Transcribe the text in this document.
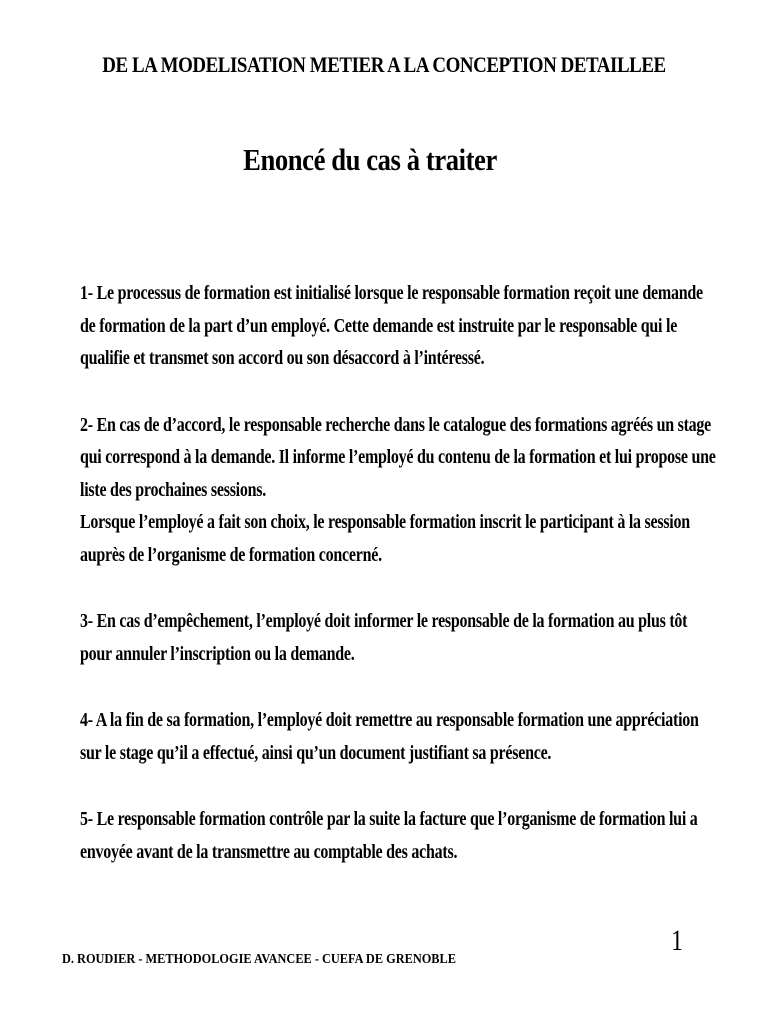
DE LA MODELISATION METIER A LA CONCEPTION DETAILLEE
Enoncé du cas à traiter
1- Le processus de formation est initialisé lorsque le responsable formation reçoit une demande
de formation de la part d’un employé. Cette demande est instruite par le responsable qui le
qualifie et transmet son accord ou son désaccord à l’intéressé.
2- En cas de d’accord, le responsable recherche dans le catalogue des formations agréés un stage
qui correspond à la demande. Il informe l’employé du contenu de la formation et lui propose une
liste des prochaines sessions.
Lorsque l’employé a fait son choix, le responsable formation inscrit le participant à la session
auprès de l’organisme de formation concerné.
3- En cas d’empêchement, l’employé doit informer le responsable de la formation au plus tôt
pour annuler l’inscription ou la demande.
4- A la fin de sa formation, l’employé doit remettre au responsable formation une appréciation
sur le stage qu’il a effectué, ainsi qu’un document justifiant sa présence.
5- Le responsable formation contrôle par la suite la facture que l’organisme de formation lui a
envoyée avant de la transmettre au comptable des achats.
1
D. ROUDIER - METHODOLOGIE AVANCEE - CUEFA DE GRENOBLE
